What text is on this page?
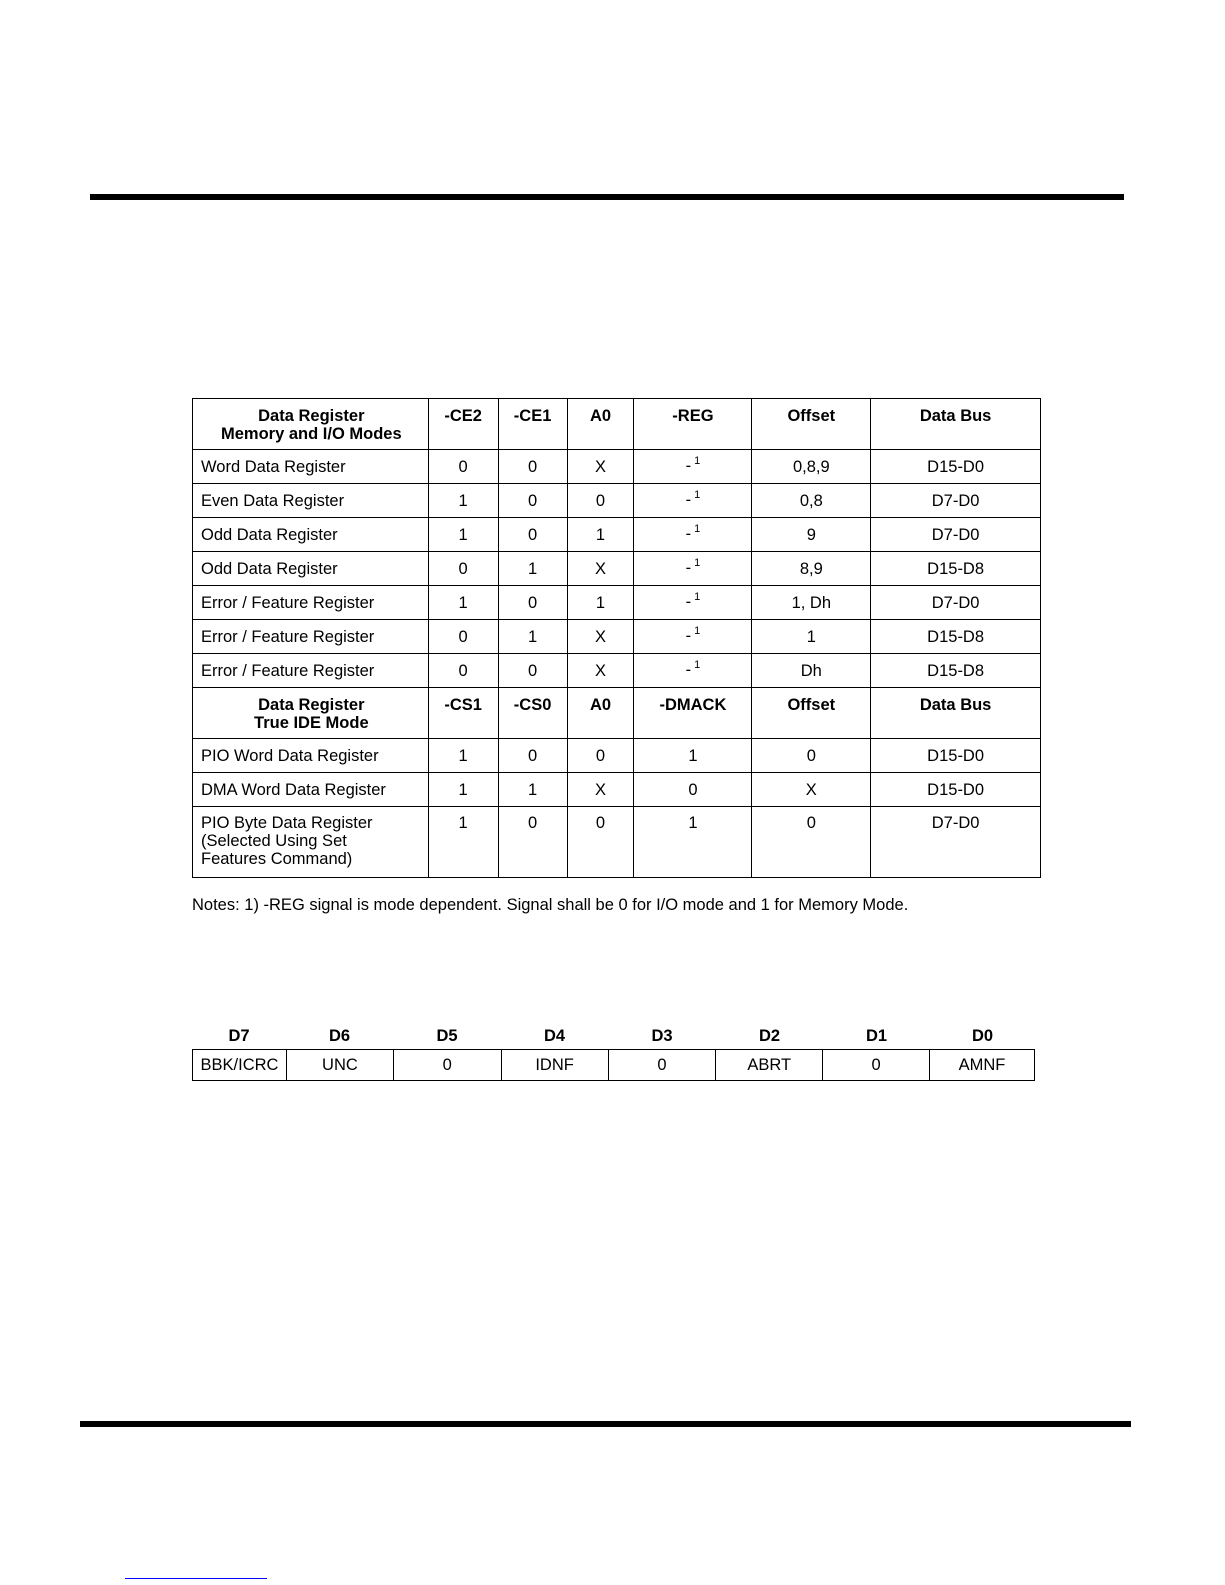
Data Register
Memory and I/O Modes	-CE2	-CE1	A0	-REG	Offset	Data Bus
Word Data Register	0	0	X	- $^1$	0,8,9	D15-D0
Even Data Register	1	0	0	- $^1$	0,8	D7-D0
Odd Data Register	1	0	1	- $^1$	9	D7-D0
Odd Data Register	0	1	X	- $^1$	8,9	D15-D8
Error / Feature Register	1	0	1	- $^1$	1, Dh	D7-D0
Error / Feature Register	0	1	X	- $^1$	1	D15-D8
Error / Feature Register	0	0	X	- $^1$	Dh	D15-D8
Data Register
True IDE Mode	-CS1	-CS0	A0	-DMACK	Offset	Data Bus
PIO Word Data Register	1	0	0	1	0	D15-D0
DMA Word Data Register	1	1	X	0	X	D15-D0
PIO Byte Data Register
(Selected Using Set
Features Command)	1	0	0	1	0	D7-D0
Notes: 1) -REG signal is mode dependent. Signal shall be 0 for I/O mode and 1 for Memory Mode.
D7	D6	D5	D4	D3	D2	D1	D0
BBK/ICRC	UNC	0	IDNF	0	ABRT	0	AMNF
